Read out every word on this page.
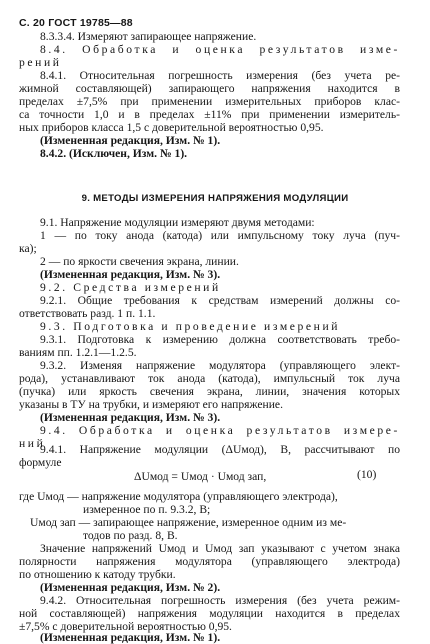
С. 20 ГОСТ 19785—88
8.3.3.4. Измеряют запирающее напряжение.
8.4. Обработка и оценка результатов изме-
рений
8.4.1. Относительная погрешность измерения (без учета ре-
жимной составляющей) запирающего напряжения находится в
пределах ±7,5% при применении измерительных приборов клас-
са точности 1,0 и в пределах ±11% при применении измеритель-
ных приборов класса 1,5 с доверительной вероятностью 0,95.
(Измененная редакция, Изм. № 1).
8.4.2. (Исключен, Изм. № 1).
9. МЕТОДЫ ИЗМЕРЕНИЯ НАПРЯЖЕНИЯ МОДУЛЯЦИИ
9.1. Напряжение модуляции измеряют двумя методами:
1 — по току анода (катода) или импульсному току луча (пуч-
ка);
2 — по яркости свечения экрана, линии.
(Измененная редакция, Изм. № 3).
9.2. Средства измерений
9.2.1. Общие требования к средствам измерений должны со-
ответствовать разд. 1 п. 1.1.
9.3. Подготовка и проведение измерений
9.3.1. Подготовка к измерению должна соответствовать требо-
ваниям пп. 1.2.1—1.2.5.
9.3.2. Изменяя напряжение модулятора (управляющего элект-
рода), устанавливают ток анода (катода), импульсный ток луча
(пучка) или яркость свечения экрана, линии, значения которых
указаны в ТУ на трубки, и измеряют его напряжение.
(Измененная редакция, Изм. № 3).
9.4. Обработка и оценка результатов измере-
ний
9.4.1. Напряжение модуляции (ΔUмод), В, рассчитывают по
формуле
ΔUмод = Uмод · Uмод зап,	(10)
где Uмод — напряжение модулятора (управляющего электрода),
измеренное по п. 9.3.2, В;
Uмод зап — запирающее напряжение, измеренное одним из ме-
тодов по разд. 8, В.
Значение напряжений Uмод и Uмод зап указывают с учетом знака
полярности напряжения модулятора (управляющего электрода)
по отношению к катоду трубки.
(Измененная редакция, Изм. № 2).
9.4.2. Относительная погрешность измерения (без учета режим-
ной составляющей) напряжения модуляции находится в пределах
±7,5% с доверительной вероятностью 0,95.
(Измененная редакция, Изм. № 1).
